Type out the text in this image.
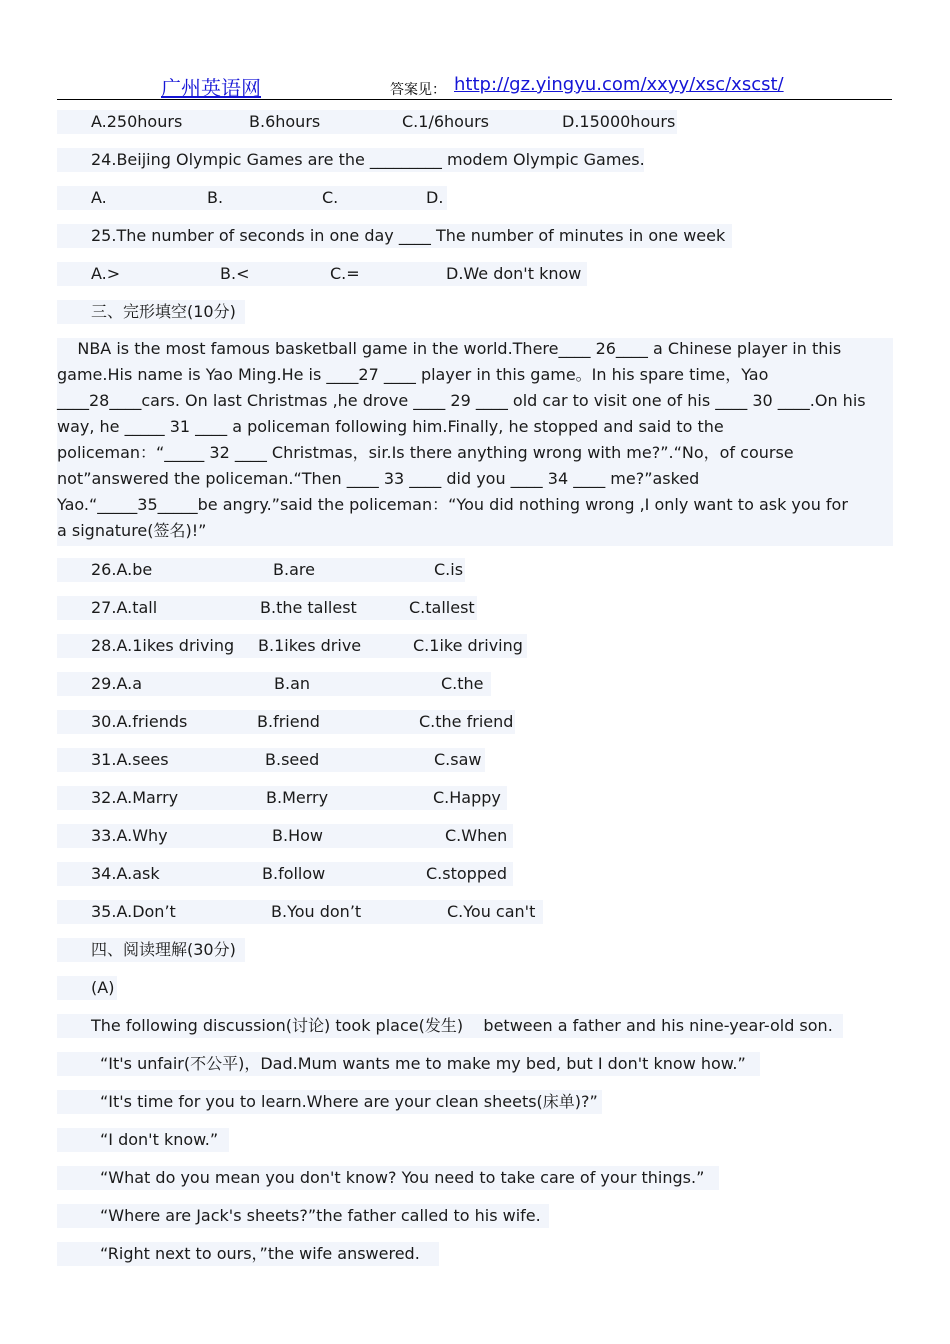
广州英语网	答案见： http://gz.yingyu.com/xxyy/xsc/xscst/

A.250hours

	B.6hours

	C.1/6hours

	D.15000hours

24.Beijing Olympic Games are the _________ modem Olympic Games.

A.

	B.

	C.

	D.

25.The number of seconds in one day ____ The number of minutes in one week

A.>

	B.<

	C.=

	D.We don't know

三、完形填空(10分)

NBA is the most famous basketball game in the world.There____ 26____ a Chinese player in this
game.His name is Yao Ming.He is ____27 ____ player in this game。In his spare time，Yao
____28____cars. On last Christmas ,he drove ____ 29 ____ old car to visit one of his ____ 30 ____.On his
way, he _____ 31 ____ a policeman following him.Finally, he stopped and said to the
policeman：“_____ 32 ____ Christmas，sir.Is there anything wrong with me?”.“No，of course
not”answered the policeman.“Then ____ 33 ____ did you ____ 34 ____ me?”asked
Yao.“_____35_____be angry.”said the policeman：“You did nothing wrong ,I only want to ask you for
a signature(签名)!”

26.A.be

	B.are

	C.is

27.A.tall

	B.the tallest

	C.tallest

28.A.1ikes driving

B.1ikes drive

	C.1ike driving

29.A.a

	B.an

	C.the

30.A.friends

	B.friend

	C.the friend

31.A.sees

	B.seed

	C.saw

32.A.Marry

	B.Merry

	C.Happy

33.A.Why

	B.How

	C.When

34.A.ask

	B.follow

	C.stopped

35.A.Don’t

	B.You don’t

	C.You can't

四、阅读理解(30分)

(A)

The following discussion(讨论) took place(发生)    between a father and his nine-year-old son.

“It's unfair(不公平)，Dad.Mum wants me to make my bed, but I don't know how.”

“It's time for you to learn.Where are your clean sheets(床单)?”

“I don't know.”

“What do you mean you don't know? You need to take care of your things.”

“Where are Jack's sheets?”the father called to his wife.

“Right next to ours，”the wife answered.
